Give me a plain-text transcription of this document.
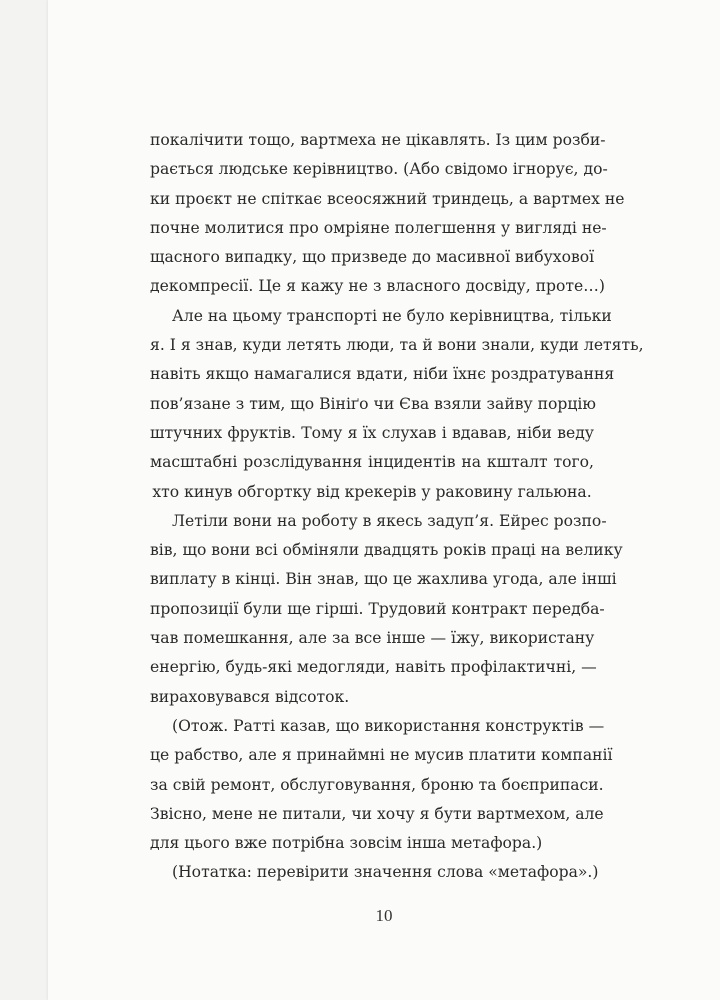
покалічити тощо, вартмеха не цікавлять. Із цим розби-
рається людське керівництво. (Або свідомо ігнорує, до-
ки проєкт не спіткає всеосяжний триндець, а вартмех не
почне молитися про омріяне полегшення у вигляді не-
щасного випадку, що призведе до масивної вибухової
декомпресії. Це я кажу не з власного досвіду, проте…)
Але на цьому транспорті не було керівництва, тільки
я. І я знав, куди летять люди, та й вони знали, куди летять,
навіть якщо намагалися вдати, ніби їхнє роздратування
пов’язане з тим, що Вініґо чи Єва взяли зайву порцію
штучних фруктів. Тому я їх слухав і вдавав, ніби веду
масштабні розслідування інцидентів на кшталт того,
хто кинув обгортку від крекерів у раковину гальюна.
Летіли вони на роботу в якесь задуп’я. Ейрес розпо-
вів, що вони всі обміняли двадцять років праці на велику
виплату в кінці. Він знав, що це жахлива угода, але інші
пропозиції були ще гірші. Трудовий контракт передба-
чав помешкання, але за все інше — їжу, використану
енергію, будь-які медогляди, навіть профілактичні, —
вираховувався відсоток.
(Отож. Ратті казав, що використання конструктів —
це рабство, але я принаймні не мусив платити компанії
за свій ремонт, обслуговування, броню та боєприпаси.
Звісно, мене не питали, чи хочу я бути вартмехом, але
для цього вже потрібна зовсім інша метафора.)
(Нотатка: перевірити значення слова «метафора».)
10
